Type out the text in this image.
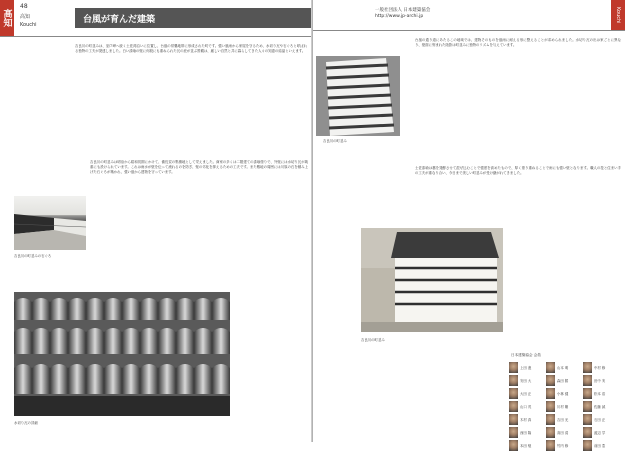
高知
48
高知
Kouchi
台風が育んだ建築
吉良川の町並みは、室戸岬へ続く土佐湾沿いに位置し、台風の常襲地帯に形成された町です。強い風雨から家屋を守るため、水切り瓦や石ぐろと呼ばれる独特の工夫が発達しました。白い漆喰の壁に何段にも重ねられた瓦の庇が並ぶ景観は、厳しい自然と共に暮らしてきた人々の知恵の結晶といえます。
吉良川の町並みは明治から昭和初期にかけて、備長炭の集積地として栄えました。商家の多くは二階建ての漆喰塗りで、外壁には水切り瓦が幾重にも設けられています。これは雨水が壁を伝って流れるのを防ぎ、壁の劣化を抑えるための工夫です。また敷地の周囲には川原の石を積み上げた石ぐろが築かれ、強い風から建物を守っています。
吉良川の町並みの石ぐろ
水切り瓦の詳細
一般社団法人 日本建築協会
http://www.jp-archi.jp	Kouchi
吉良川の町並み
台風の通り道にあたるこの地域では、建物そのものを風雨に耐える形に整えることが求められました。水切り瓦の出は家ごとに異なり、壁面に刻まれた陰影は町並みに独特のリズムを与えています。
土佐漆喰は藁を発酵させて混ぜ込むことで強度を高めたもので、厚く塗り重ねることで雨にも強い壁となります。職人の技と住まい手の工夫が重なり合い、今日まで美しい町並みが受け継がれてきました。
吉良川の町並み
日本建築協会 会員
上田 進	山本 明	中村 修
安田 大	森田 勝	田中 実
大田 正	小林 健	松本 浩
山口 茂	川村 剛	佐藤 誠
木村 真	吉田 光	石田 正
西田 隆	高田 清	渡辺 学
本田 勉	竹内 修	前田 豊
